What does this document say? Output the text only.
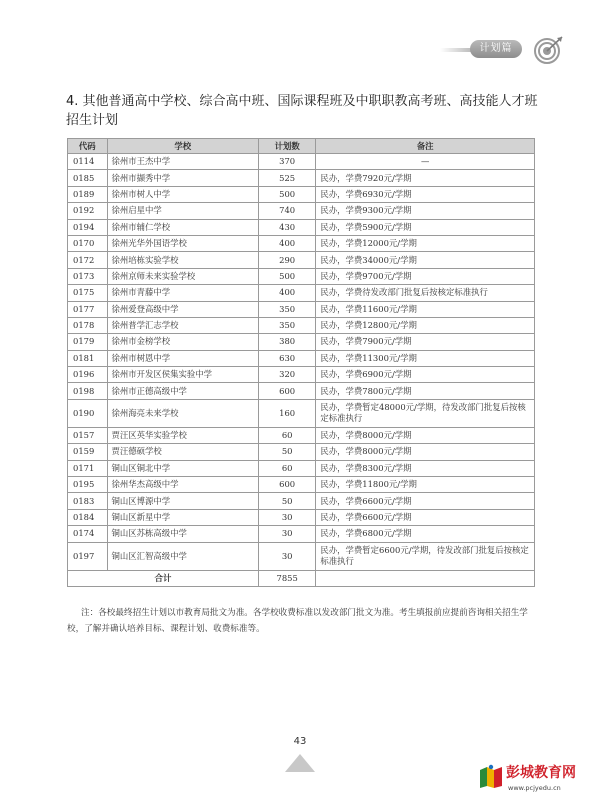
计划篇
4. 其他普通高中学校、综合高中班、国际课程班及中职职教高考班、高技能人才班招生计划
代码	学校	计划数	备注
0114	徐州市王杰中学	370	—
0185	徐州市撷秀中学	525	民办，学费7920元/学期
0189	徐州市树人中学	500	民办，学费6930元/学期
0192	徐州启星中学	740	民办，学费9300元/学期
0194	徐州市辅仁学校	430	民办，学费5900元/学期
0170	徐州光华外国语学校	400	民办，学费12000元/学期
0172	徐州培栋实验学校	290	民办，学费34000元/学期
0173	徐州京师未来实验学校	500	民办，学费9700元/学期
0175	徐州市青藤中学	400	民办，学费待发改部门批复后按核定标准执行
0177	徐州爱登高级中学	350	民办，学费11600元/学期
0178	徐州普学汇志学校	350	民办，学费12800元/学期
0179	徐州市金榜学校	380	民办，学费7900元/学期
0181	徐州市树恩中学	630	民办，学费11300元/学期
0196	徐州市开发区侯集实验中学	320	民办，学费6900元/学期
0198	徐州市正德高级中学	600	民办，学费7800元/学期
0190	徐州海亮未来学校	160	民办，学费暂定48000元/学期，待发改部门批复后按核定标准执行
0157	贾汪区英华实验学校	60	民办，学费8000元/学期
0159	贾汪德硕学校	50	民办，学费8000元/学期
0171	铜山区铜北中学	60	民办，学费8300元/学期
0195	徐州华杰高级中学	600	民办，学费11800元/学期
0183	铜山区博源中学	50	民办，学费6600元/学期
0184	铜山区新星中学	30	民办，学费6600元/学期
0174	铜山区苏栋高级中学	30	民办，学费6800元/学期
0197	铜山区汇智高级中学	30	民办，学费暂定6600元/学期，待发改部门批复后按核定标准执行
合计		7855	
注：各校最终招生计划以市教育局批文为准。各学校收费标准以发改部门批文为准。考生填报前应提前咨询相关招生学校，了解并确认培养目标、课程计划、收费标准等。
43
彭城教育网
www.pcjyedu.cn
